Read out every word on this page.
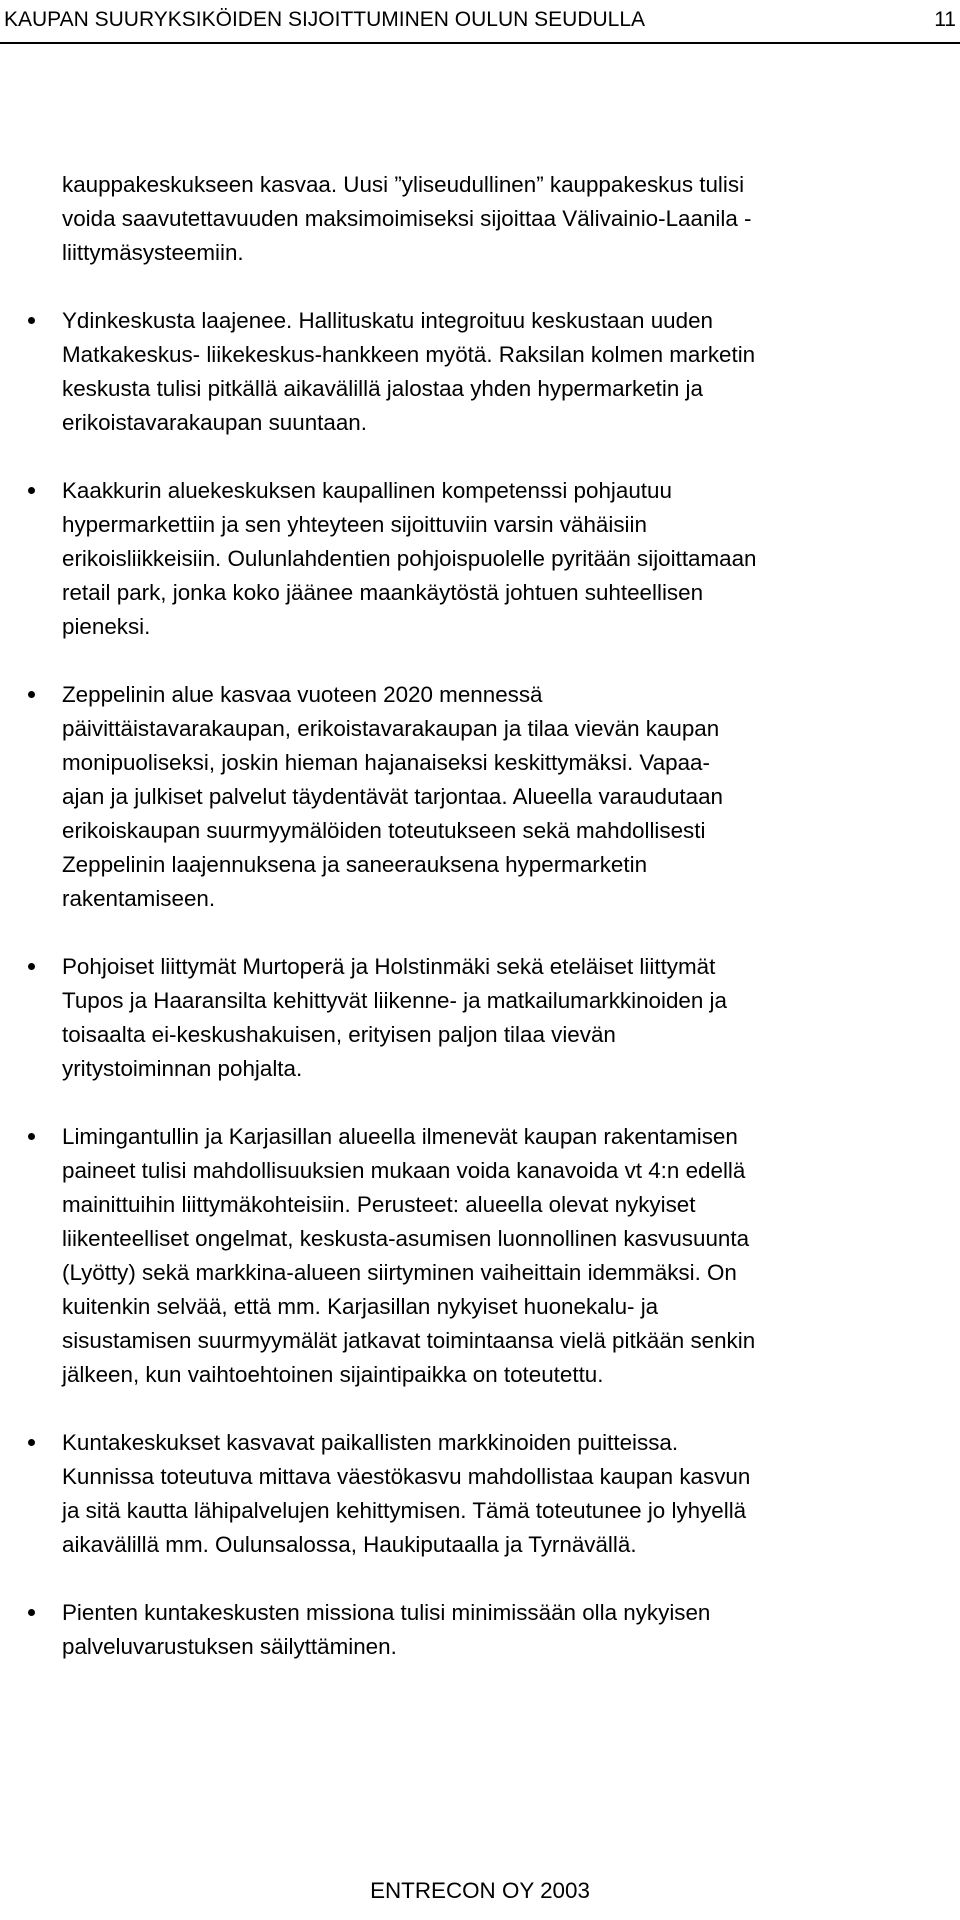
KAUPAN SUURYKSIKÖIDEN SIJOITTUMINEN OULUN SEUDULLA	11

kauppakeskukseen kasvaa. Uusi ”yliseudullinen” kauppakeskus tulisi
voida saavutettavuuden maksimoimiseksi sijoittaa Välivainio-Laanila -
liittymäsysteemiin.

Ydinkeskusta laajenee. Hallituskatu integroituu keskustaan uuden
Matkakeskus- liikekeskus-hankkeen myötä. Raksilan kolmen marketin
keskusta tulisi pitkällä aikavälillä jalostaa yhden hypermarketin ja
erikoistavarakaupan suuntaan.
Kaakkurin aluekeskuksen kaupallinen kompetenssi pohjautuu
hypermarkettiin ja sen yhteyteen sijoittuviin varsin vähäisiin
erikoisliikkeisiin. Oulunlahdentien pohjoispuolelle pyritään sijoittamaan
retail park, jonka koko jäänee maankäytöstä johtuen suhteellisen
pieneksi.
Zeppelinin alue kasvaa vuoteen 2020 mennessä
päivittäistavarakaupan, erikoistavarakaupan ja tilaa vievän kaupan
monipuoliseksi, joskin hieman hajanaiseksi keskittymäksi. Vapaa-
ajan ja julkiset palvelut täydentävät tarjontaa. Alueella varaudutaan
erikoiskaupan suurmyymälöiden toteutukseen sekä mahdollisesti
Zeppelinin laajennuksena ja saneerauksena hypermarketin
rakentamiseen.
Pohjoiset liittymät Murtoperä ja Holstinmäki sekä eteläiset liittymät
Tupos ja Haaransilta kehittyvät liikenne- ja matkailumarkkinoiden ja
toisaalta ei-keskushakuisen, erityisen paljon tilaa vievän
yritystoiminnan pohjalta.
Limingantullin ja Karjasillan alueella ilmenevät kaupan rakentamisen
paineet tulisi mahdollisuuksien mukaan voida kanavoida vt 4:n edellä
mainittuihin liittymäkohteisiin. Perusteet: alueella olevat nykyiset
liikenteelliset ongelmat, keskusta-asumisen luonnollinen kasvusuunta
(Lyötty) sekä markkina-alueen siirtyminen vaiheittain idemmäksi. On
kuitenkin selvää, että mm. Karjasillan nykyiset huonekalu- ja
sisustamisen suurmyymälät jatkavat toimintaansa vielä pitkään senkin
jälkeen, kun vaihtoehtoinen sijaintipaikka on toteutettu.
Kuntakeskukset kasvavat paikallisten markkinoiden puitteissa.
Kunnissa toteutuva mittava väestökasvu mahdollistaa kaupan kasvun
ja sitä kautta lähipalvelujen kehittymisen. Tämä toteutunee jo lyhyellä
aikavälillä mm. Oulunsalossa, Haukiputaalla ja Tyrnävällä.
Pienten kuntakeskusten missiona tulisi minimissään olla nykyisen
palveluvarustuksen säilyttäminen.
ENTRECON OY 2003
